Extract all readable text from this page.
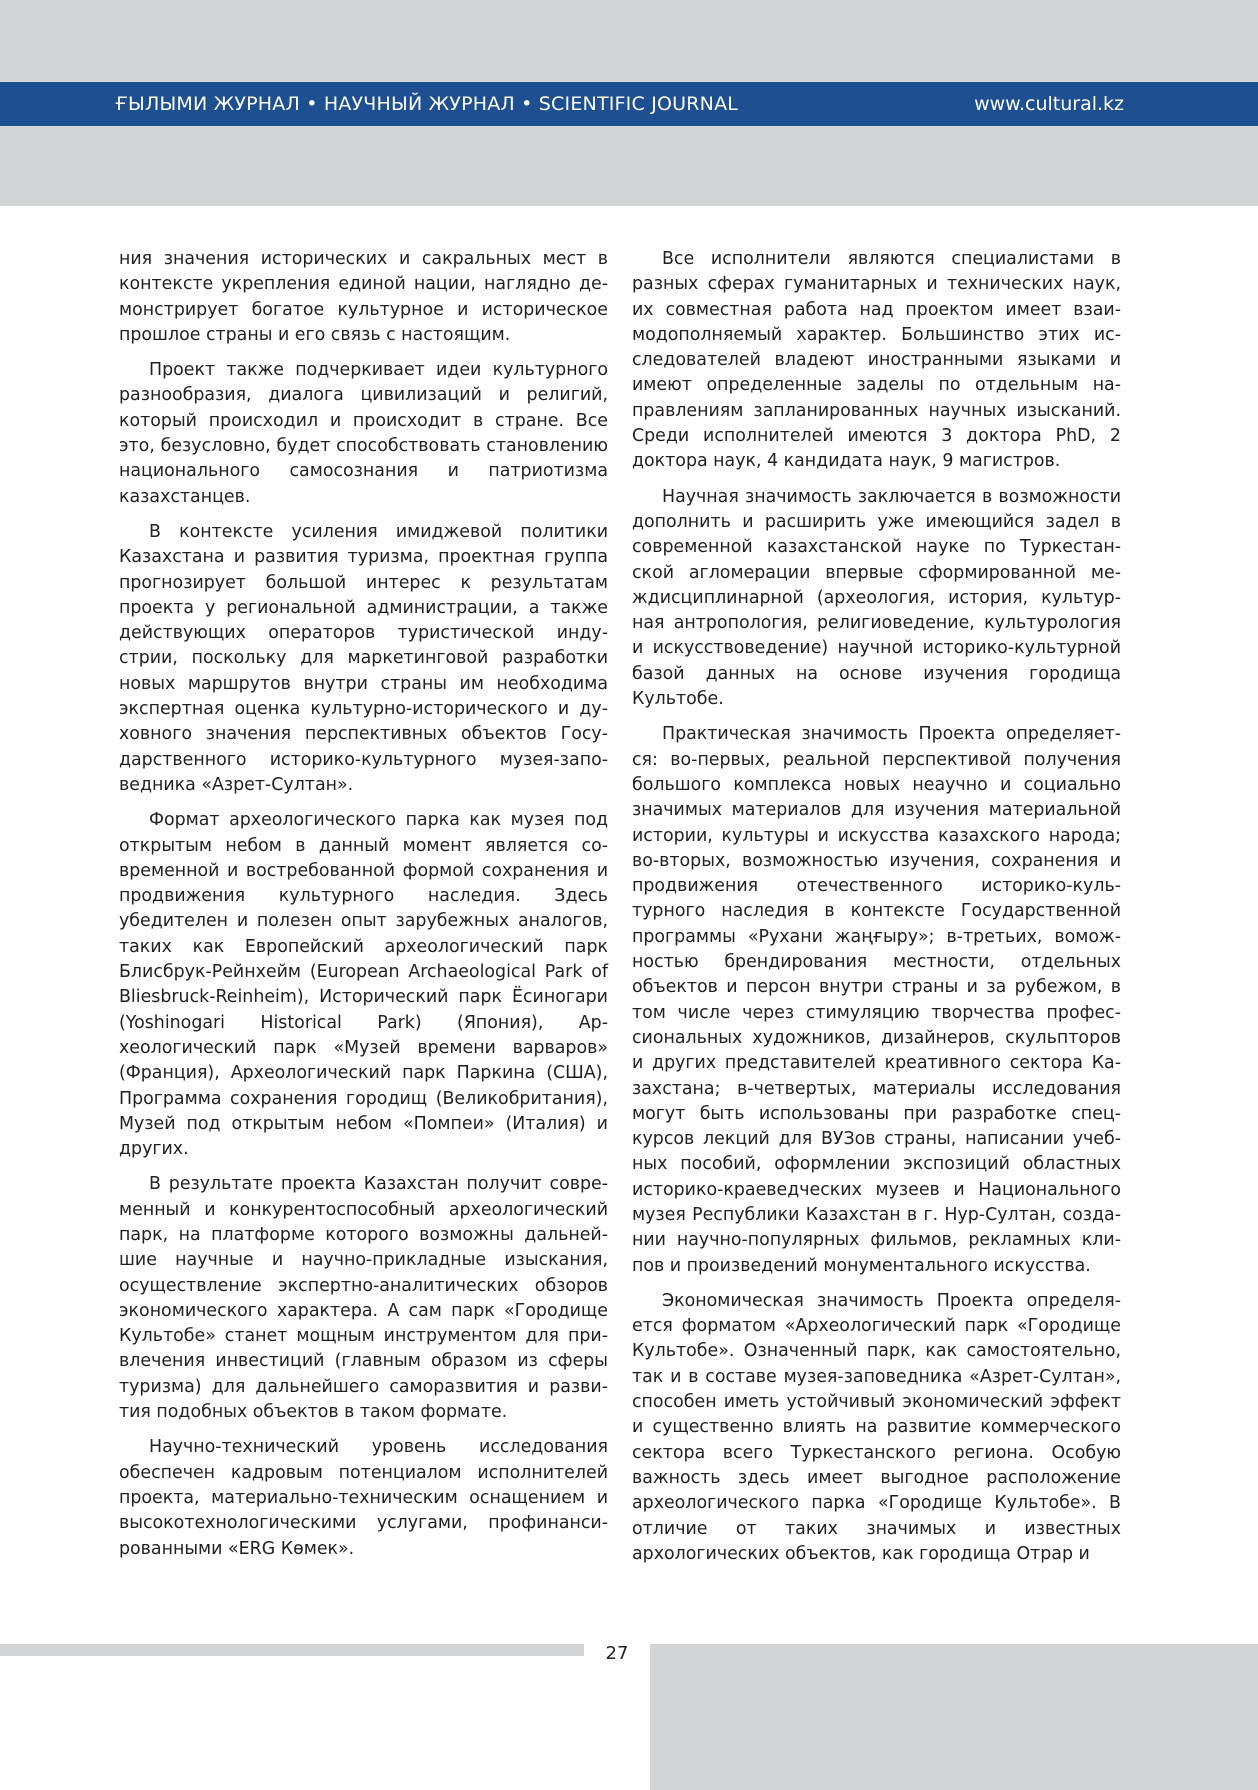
ҒЫЛЫМИ ЖУРНАЛ • НАУЧНЫЙ ЖУРНАЛ • SCIENTIFIC JOURNAL	www.cultural.kz

ния значения исторических и сакральных мест в контексте укрепления единой нации, наглядно демонстрирует богатое культурное и историческое прошлое страны и его связь с настоящим.

Проект также подчеркивает идеи культурного разнообразия, диалога цивилизаций и религий, который происходил и происходит в стране. Все это, безусловно, будет способствовать становлению национального самосознания и патриотизма казахстанцев.

В контексте усиления имиджевой политики Казахстана и развития туризма, проектная группа прогнозирует большой интерес к результатам проекта у региональной администрации, а также действующих операторов туристической индустрии, поскольку для маркетинговой разработки новых маршрутов внутри страны им необходима экспертная оценка культурно-исторического и духовного значения перспективных объектов Государственного историко-культурного музея-заповедника «Азрет-Султан».

Формат археологического парка как музея под открытым небом в данный момент является современной и востребованной формой сохранения и продвижения культурного наследия. Здесь убедителен и полезен опыт зарубежных аналогов, таких как Европейский археологический парк Блисбрук-Рейнхейм (European Archaeological Park of Bliesbruck-Reinheim), Исторический парк Ёсиногари (Yoshinogari Historical Park) (Япония), Археологический парк «Музей времени варваров» (Франция), Археологический парк Паркина (США), Программа сохранения городищ (Великобритания), Музей под открытым небом «Помпеи» (Италия) и других.

В результате проекта Казахстан получит современный и конкурентоспособный археологический парк, на платформе которого возможны дальнейшие научные и научно-прикладные изыскания, осуществление экспертно-аналитических обзоров экономического характера. А сам парк «Городище Культобе» станет мощным инструментом для привлечения инвестиций (главным образом из сферы туризма) для дальнейшего саморазвития и развития подобных объектов в таком формате.

Научно-технический уровень исследования обеспечен кадровым потенциалом исполнителей проекта, материально-техническим оснащением и высокотехнологическими услугами, профинансированными «ERG Көмек».

Все исполнители являются специалистами в разных сферах гуманитарных и технических наук, их совместная работа над проектом имеет взаимодополняемый характер. Большинство этих исследователей владеют иностранными языками и имеют определенные заделы по отдельным направлениям запланированных научных изысканий. Среди исполнителей имеются 3 доктора PhD, 2 доктора наук, 4 кандидата наук, 9 магистров.

Научная значимость заключается в возможности дополнить и расширить уже имеющийся задел в современной казахстанской науке по Туркестанской агломерации впервые сформированной междисциплинарной (археология, история, культурная антропология, религиоведение, культурология и искусствоведение) научной историко-культурной базой данных на основе изучения городища Культобе.

Практическая значимость Проекта определяется: во-первых, реальной перспективой получения большого комплекса новых неаучно и социально значимых материалов для изучения материальной истории, культуры и искусства казахского народа; во-вторых, возможностью изучения, сохранения и продвижения отечественного историко-культурного наследия в контексте Государственной программы «Рухани жаңғыру»; в-третьих, воможностью брендирования местности, отдельных объектов и персон внутри страны и за рубежом, в том числе через стимуляцию творчества профессиональных художников, дизайнеров, скульпторов и других представителей креативного сектора Казахстана; в-четвертых, материалы исследования могут быть использованы при разработке спецкурсов лекций для ВУЗов страны, написании учебных пособий, оформлении экспозиций областных историко-краеведческих музеев и Национального музея Республики Казахстан в г. Нур-Султан, создании научно-популярных фильмов, рекламных клипов и произведений монументального искусства.

Экономическая значимость Проекта определяется форматом «Археологический парк «Городище Культобе». Означенный парк, как самостоятельно, так и в составе музея-заповедника «Азрет-Султан», способен иметь устойчивый экономический эффект и существенно влиять на развитие коммерческого сектора всего Туркестанского региона. Особую важность здесь имеет выгодное расположение археологического парка «Городище Культобе». В отличие от таких значимых и известных архологических объектов, как городища Отрар и

27
